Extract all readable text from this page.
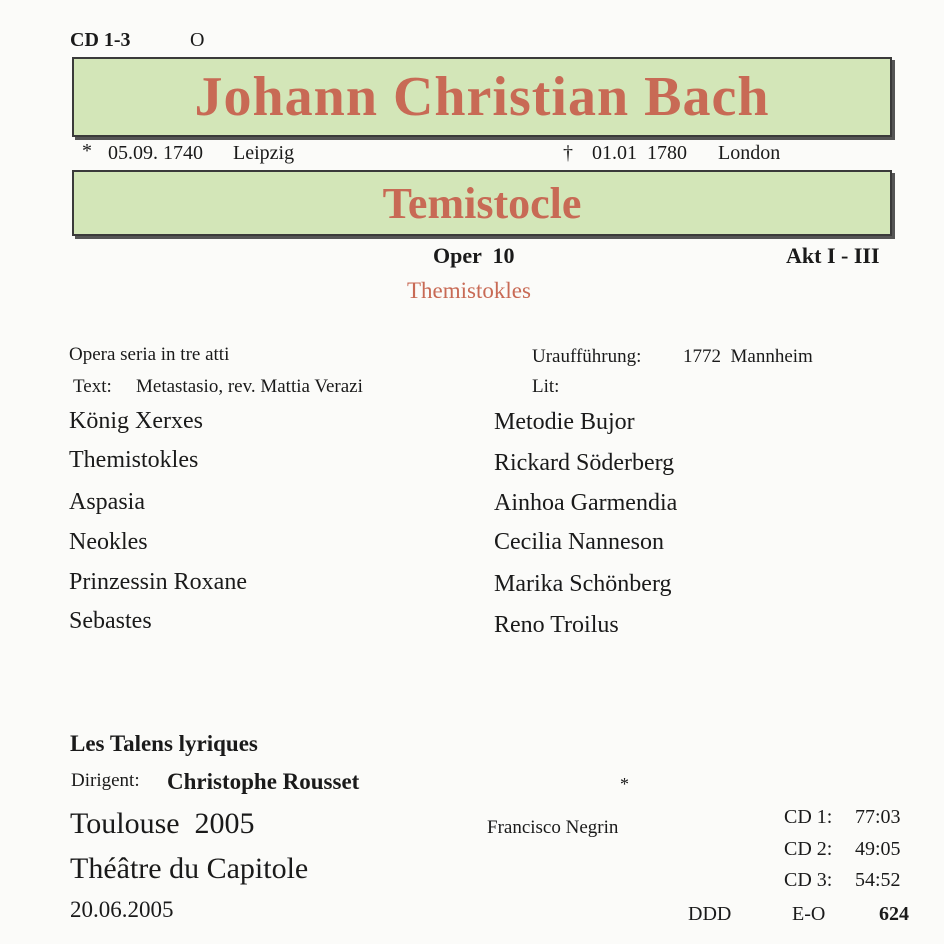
CD 1-3	O
Johann Christian Bach
* 05.09. 1740 Leipzig	† 01.01  1780 London
Temistocle
Oper  10	Akt I - III
Themistokles
Opera seria in tre atti
Text: Metastasio, rev. Mattia Verazi
Uraufführung: 1772  Mannheim
Lit:
König Xerxes	Metodie Bujor
Themistokles	Rickard Söderberg
Aspasia	Ainhoa Garmendia
Neokles	Cecilia Nanneson
Prinzessin Roxane	Marika Schönberg
Sebastes	Reno Troilus
Les Talens lyriques
Dirigent: Christophe Rousset	*
Francisco Negrin
Toulouse  2005
Théâtre du Capitole
20.06.2005
CD 1: 77:03
CD 2: 49:05
CD 3: 54:52
DDD	E-O	624
